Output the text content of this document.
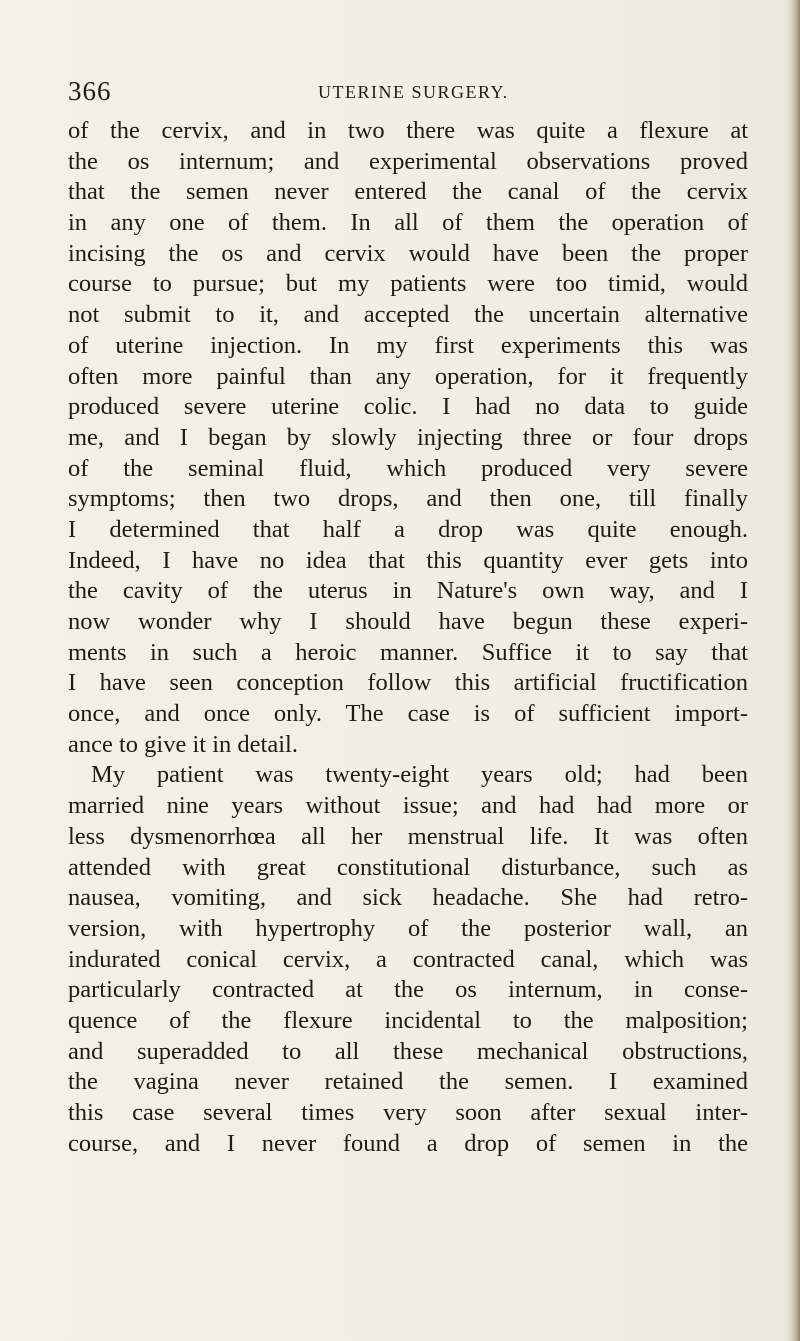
366	UTERINE SURGERY.
of the cervix, and in two there was quite a flexure at
the os internum; and experimental observations proved
that the semen never entered the canal of the cervix
in any one of them. In all of them the operation of
incising the os and cervix would have been the proper
course to pursue; but my patients were too timid, would
not submit to it, and accepted the uncertain alternative
of uterine injection. In my first experiments this was
often more painful than any operation, for it frequently
produced severe uterine colic. I had no data to guide
me, and I began by slowly injecting three or four drops
of the seminal fluid, which produced very severe
symptoms; then two drops, and then one, till finally
I determined that half a drop was quite enough.
Indeed, I have no idea that this quantity ever gets into
the cavity of the uterus in Nature's own way, and I
now wonder why I should have begun these experi-
ments in such a heroic manner. Suffice it to say that
I have seen conception follow this artificial fructification
once, and once only. The case is of sufficient import-
ance to give it in detail.
My patient was twenty-eight years old; had been
married nine years without issue; and had had more or
less dysmenorrhœa all her menstrual life. It was often
attended with great constitutional disturbance, such as
nausea, vomiting, and sick headache. She had retro-
version, with hypertrophy of the posterior wall, an
indurated conical cervix, a contracted canal, which was
particularly contracted at the os internum, in conse-
quence of the flexure incidental to the malposition;
and superadded to all these mechanical obstructions,
the vagina never retained the semen. I examined
this case several times very soon after sexual inter-
course, and I never found a drop of semen in the
